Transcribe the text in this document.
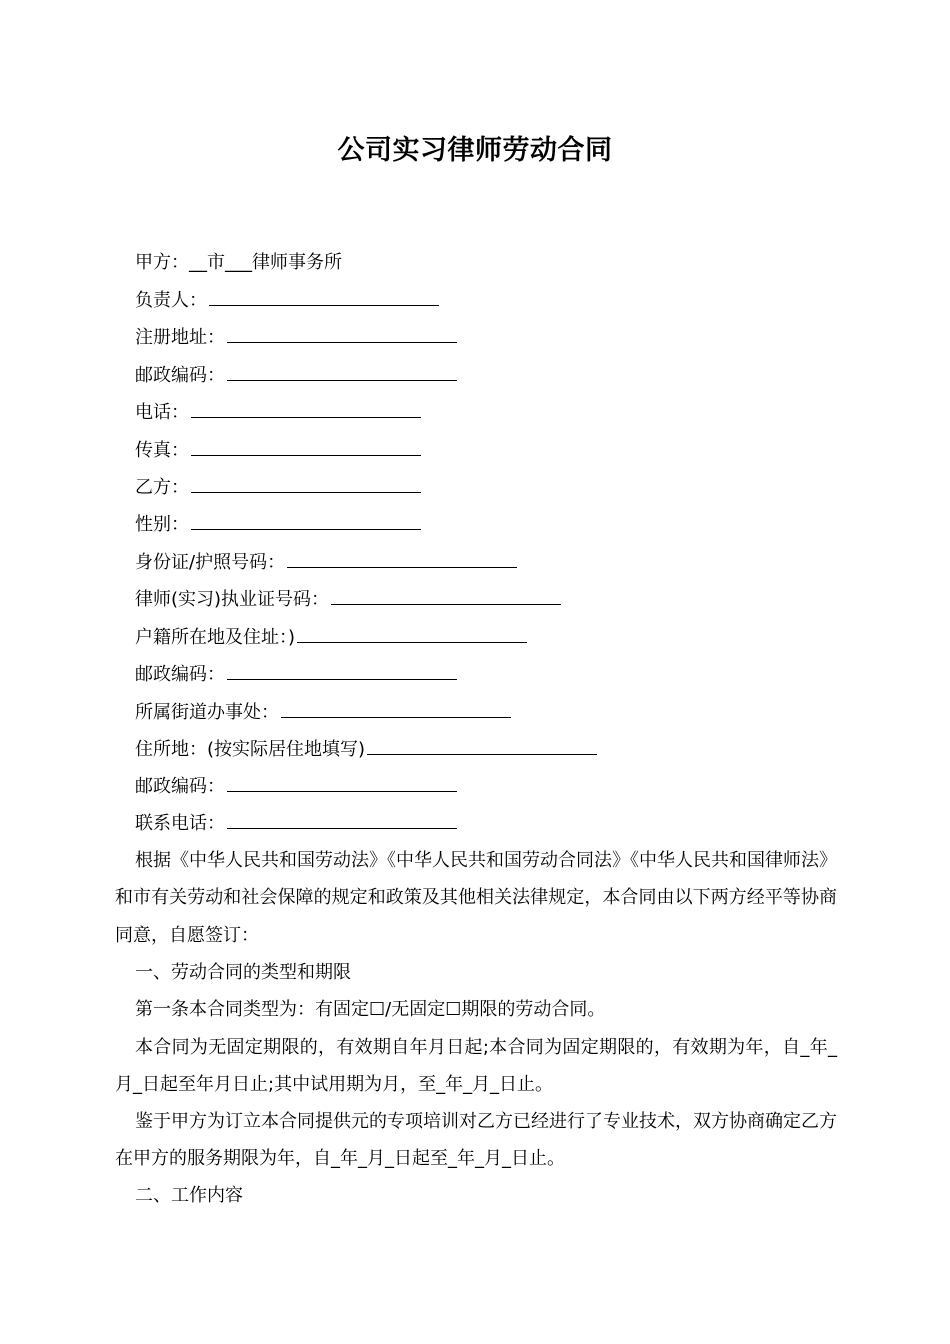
公司实习律师劳动合同
甲方：__市___律师事务所
负责人：
注册地址：
邮政编码：
电话：
传真：
乙方：
性别：
身份证/护照号码：
律师(实习)执业证号码：
户籍所在地及住址：)
邮政编码：
所属街道办事处：
住所地：(按实际居住地填写)
邮政编码：
联系电话：

根据《中华人民共和国劳动法》《中华人民共和国劳动合同法》《中华人民共和国律师法》和市有关劳动和社会保障的规定和政策及其他相关法律规定，本合同由以下两方经平等协商同意，自愿签订：

一、劳动合同的类型和期限
第一条本合同类型为：有固定☐/无固定☐期限的劳动合同。

本合同为无固定期限的，有效期自年月日起;本合同为固定期限的，有效期为年，自_年_月_日起至年月日止;其中试用期为月，至_年_月_日止。

鉴于甲方为订立本合同提供元的专项培训对乙方已经进行了专业技术，双方协商确定乙方在甲方的服务期限为年，自_年_月_日起至_年_月_日止。

二、工作内容
